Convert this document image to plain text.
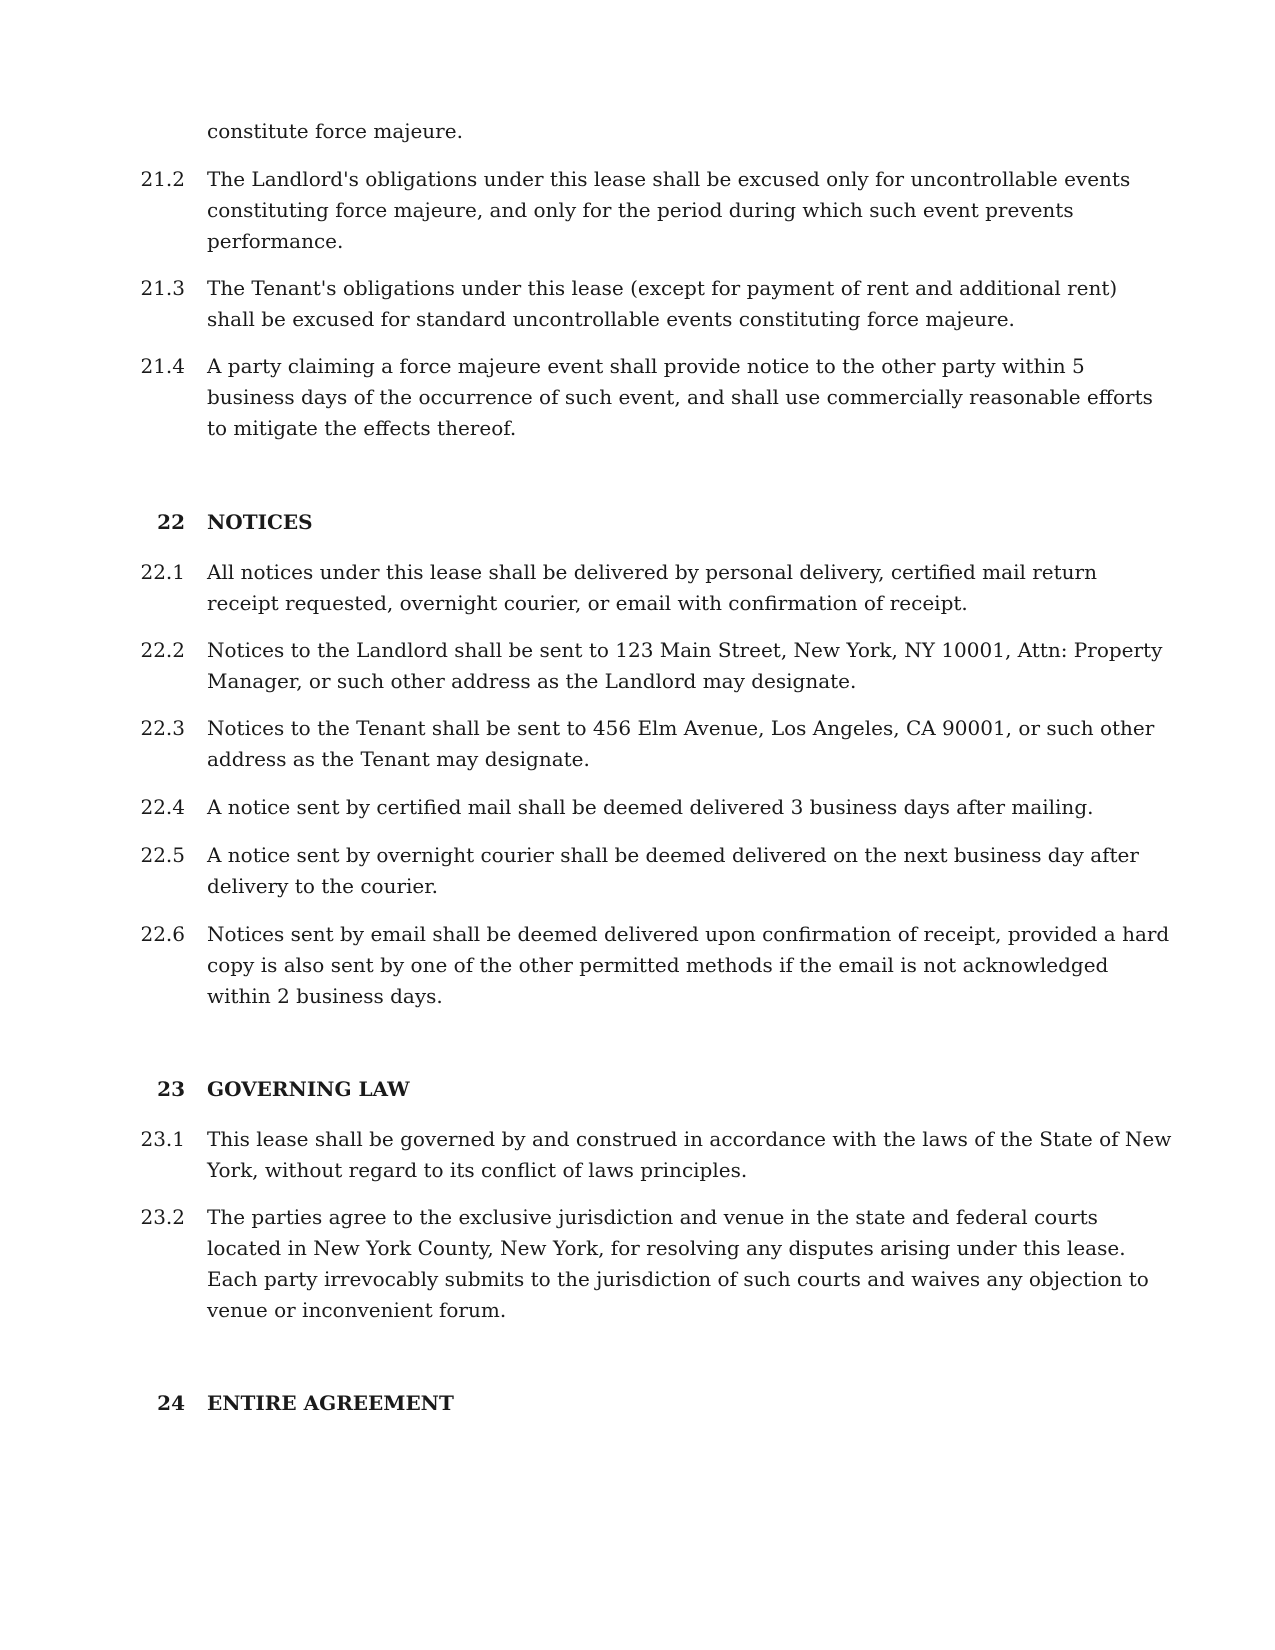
constitute force majeure.
21.2 The Landlord's obligations under this lease shall be excused only for uncontrollable events
constituting force majeure, and only for the period during which such event prevents
performance.
21.3 The Tenant's obligations under this lease (except for payment of rent and additional rent)
shall be excused for standard uncontrollable events constituting force majeure.
21.4 A party claiming a force majeure event shall provide notice to the other party within 5
business days of the occurrence of such event, and shall use commercially reasonable efforts
to mitigate the effects thereof.
22 NOTICES
22.1 All notices under this lease shall be delivered by personal delivery, certified mail return
receipt requested, overnight courier, or email with confirmation of receipt.
22.2 Notices to the Landlord shall be sent to 123 Main Street, New York, NY 10001, Attn: Property
Manager, or such other address as the Landlord may designate.
22.3 Notices to the Tenant shall be sent to 456 Elm Avenue, Los Angeles, CA 90001, or such other
address as the Tenant may designate.
22.4 A notice sent by certified mail shall be deemed delivered 3 business days after mailing.
22.5 A notice sent by overnight courier shall be deemed delivered on the next business day after
delivery to the courier.
22.6 Notices sent by email shall be deemed delivered upon confirmation of receipt, provided a hard
copy is also sent by one of the other permitted methods if the email is not acknowledged
within 2 business days.
23 GOVERNING LAW
23.1 This lease shall be governed by and construed in accordance with the laws of the State of New
York, without regard to its conflict of laws principles.
23.2 The parties agree to the exclusive jurisdiction and venue in the state and federal courts
located in New York County, New York, for resolving any disputes arising under this lease.
Each party irrevocably submits to the jurisdiction of such courts and waives any objection to
venue or inconvenient forum.
24 ENTIRE AGREEMENT
